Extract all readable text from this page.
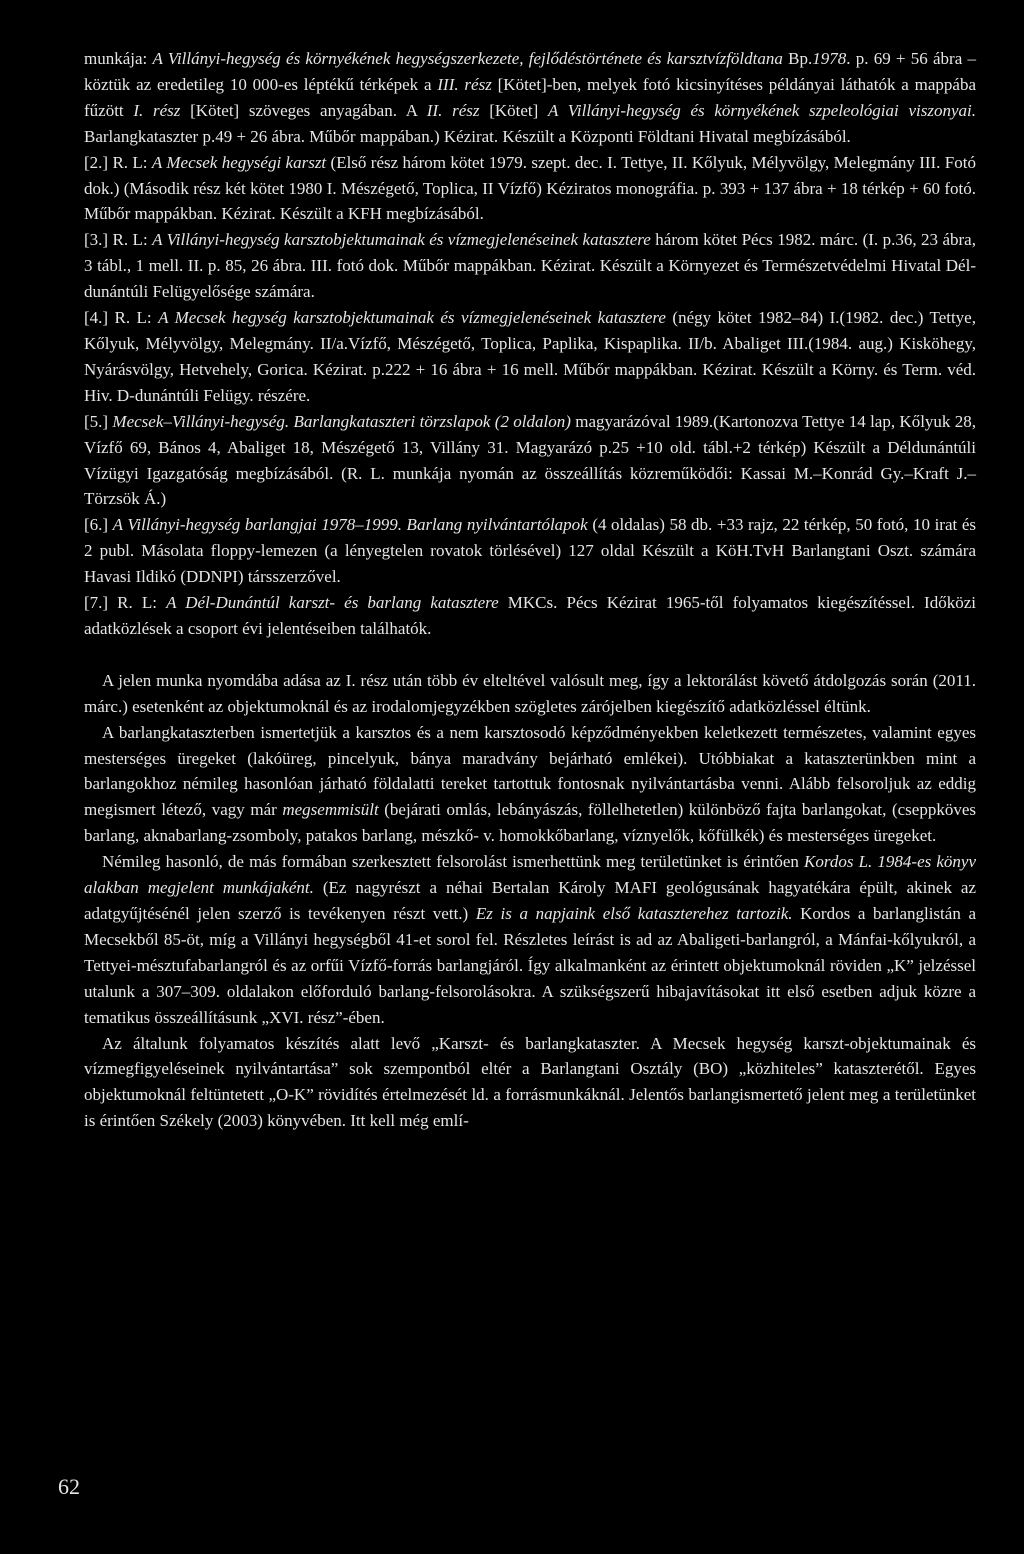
munkája: A Villányi-hegység és környékének hegységszerkezete, fejlődéstörténete és karsztvízföldtana Bp.1978. p. 69 + 56 ábra – köztük az eredetileg 10 000-es léptékű térképek a III. rész [Kötet]-ben, melyek fotó kicsinyítéses példányai láthatók a mappába fűzött I. rész [Kötet] szöveges anyagában. A II. rész [Kötet] A Villányi-hegység és környékének szpeleológiai viszonyai. Barlangkataszter p.49 + 26 ábra. Műbőr mappában.) Kézirat. Készült a Központi Földtani Hivatal megbízásából.

[2.] R. L: A Mecsek hegységi karszt (Első rész három kötet 1979. szept. dec. I. Tettye, II. Kőlyuk, Mélyvölgy, Melegmány III. Fotó dok.) (Második rész két kötet 1980 I. Mészégető, Toplica, II Vízfő) Kéziratos monográfia. p. 393 + 137 ábra + 18 térkép + 60 fotó. Műbőr mappákban. Kézirat. Készült a KFH megbízásából.

[3.] R. L: A Villányi-hegység karsztobjektumainak és vízmegjelenéseinek katasztere három kötet Pécs 1982. márc. (I. p.36, 23 ábra, 3 tábl., 1 mell. II. p. 85, 26 ábra. III. fotó dok. Műbőr mappákban. Kézirat. Készült a Környezet és Természetvédelmi Hivatal Dél-dunántúli Felügyelősége számára.

[4.] R. L: A Mecsek hegység karsztobjektumainak és vízmegjelenéseinek katasztere (négy kötet 1982–84) I.(1982. dec.) Tettye, Kőlyuk, Mélyvölgy, Melegmány. II/a.Vízfő, Mészégető, Toplica, Paplika, Kispaplika. II/b. Abaliget III.(1984. aug.) Kisköhegy, Nyárásvölgy, Hetvehely, Gorica. Kézirat. p.222 + 16 ábra + 16 mell. Műbőr mappákban. Kézirat. Készült a Körny. és Term. véd. Hiv. D-dunántúli Felügy. részére.

[5.] Mecsek–Villányi-hegység. Barlangkataszteri törzslapok (2 oldalon) magyarázóval 1989.(Kartonozva Tettye 14 lap, Kőlyuk 28, Vízfő 69, Bános 4, Abaliget 18, Mészégető 13, Villány 31. Magyarázó p.25 +10 old. tábl.+2 térkép) Készült a Déldunántúli Vízügyi Igazgatóság megbízásából. (R. L. munkája nyomán az összeállítás közreműködői: Kassai M.–Konrád Gy.–Kraft J.–Törzsök Á.)

[6.] A Villányi-hegység barlangjai 1978–1999. Barlang nyilvántartólapok (4 oldalas) 58 db. +33 rajz, 22 térkép, 50 fotó, 10 irat és 2 publ. Másolata floppy-lemezen (a lényegtelen rovatok törlésével) 127 oldal Készült a KöH.TvH Barlangtani Oszt. számára Havasi Ildikó (DDNPI) társszerzővel.

[7.] R. L: A Dél-Dunántúl karszt- és barlang katasztere MKCs. Pécs Kézirat 1965-től folyamatos kiegészítéssel. Időközi adatközlések a csoport évi jelentéseiben találhatók.

A jelen munka nyomdába adása az I. rész után több év elteltével valósult meg, így a lektorálást követő átdolgozás során (2011. márc.) esetenként az objektumoknál és az irodalomjegyzékben szögletes zárójelben kiegészítő adatközléssel éltünk.

A barlangkataszterben ismertetjük a karsztos és a nem karsztosodó képződményekben keletkezett természetes, valamint egyes mesterséges üregeket (lakóüreg, pincelyuk, bánya maradvány bejárható emlékei). Utóbbiakat a kataszterünkben mint a barlangokhoz némileg hasonlóan járható földalatti tereket tartottuk fontosnak nyilvántartásba venni. Alább felsoroljuk az eddig megismert létező, vagy már megsemmisült (bejárati omlás, lebányászás, föllelhetetlen) különböző fajta barlangokat, (cseppköves barlang, aknabarlang-zsomboly, patakos barlang, mészkő- v. homokkőbarlang, víznyelők, kőfülkék) és mesterséges üregeket.

Némileg hasonló, de más formában szerkesztett felsorolást ismerhettünk meg területünket is érintően Kordos L. 1984-es könyv alakban megjelent munkájaként. (Ez nagyrészt a néhai Bertalan Károly MAFI geológusának hagyatékára épült, akinek az adatgyűjtésénél jelen szerző is tevékenyen részt vett.) Ez is a napjaink első kataszterehez tartozik. Kordos a barlanglistán a Mecsekből 85-öt, míg a Villányi hegységből 41-et sorol fel. Részletes leírást is ad az Abaligeti-barlangról, a Mánfai-kőlyukról, a Tettyei-mésztufabarlangról és az orfűi Vízfő-forrás barlangjáról. Így alkalmanként az érintett objektumoknál röviden „K” jelzéssel utalunk a 307–309. oldalakon előforduló barlang-felsorolásokra. A szükségszerű hibajavításokat itt első esetben adjuk közre a tematikus összeállításunk „XVI. rész”-ében.

Az általunk folyamatos készítés alatt levő „Karszt- és barlangkataszter. A Mecsek hegység karszt-objektumainak és vízmegfigyeléseinek nyilvántartása” sok szempontból eltér a Barlangtani Osztály (BO) „közhiteles” kataszterétől. Egyes objektumoknál feltüntetett „O-K” rövidítés értelmezését ld. a forrásmunkáknál. Jelentős barlangismertető jelent meg a területünket is érintően Székely (2003) könyvében. Itt kell még emlí-

62
